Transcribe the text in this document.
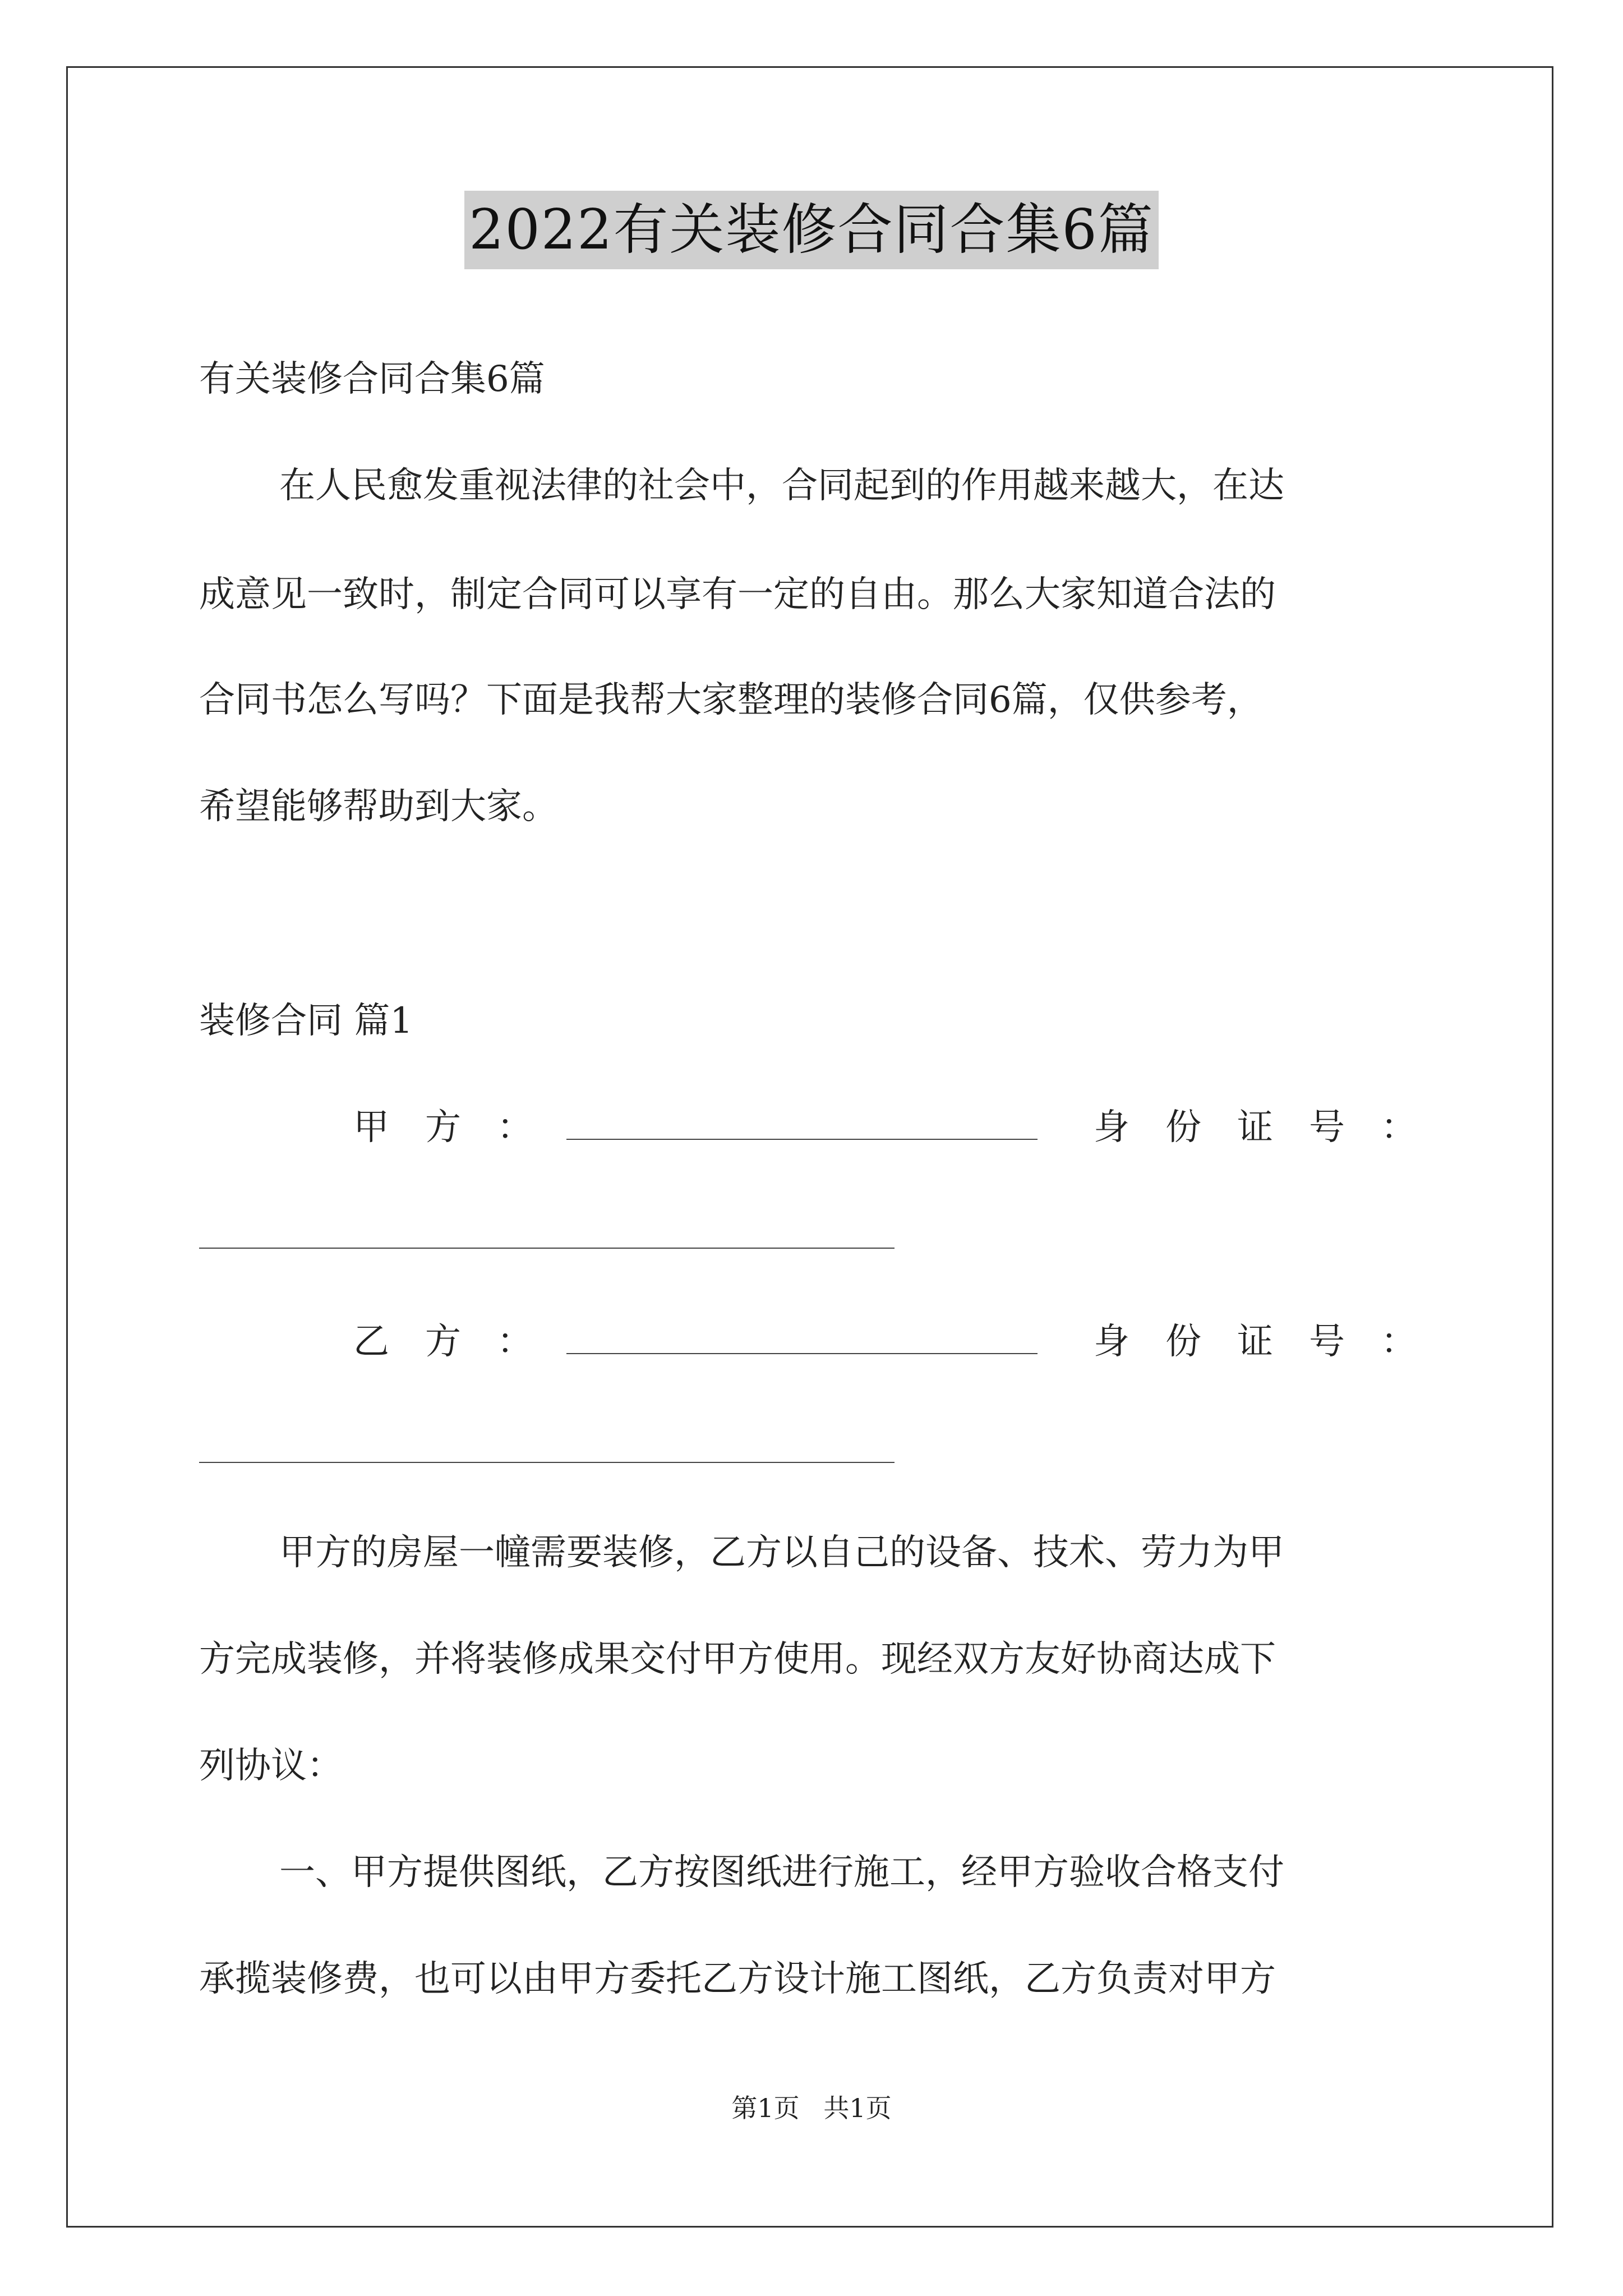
2022有关装修合同合集6篇
有关装修合同合集6篇
在人民愈发重视法律的社会中，合同起到的作用越来越大，在达
成意见一致时，制定合同可以享有一定的自由。那么大家知道合法的
合同书怎么写吗？下面是我帮大家整理的装修合同6篇，仅供参考，
希望能够帮助到大家。
装修合同 篇1
甲方：	身份证号：
乙方：	身份证号：
甲方的房屋一幢需要装修，乙方以自己的设备、技术、劳力为甲
方完成装修，并将装修成果交付甲方使用。现经双方友好协商达成下
列协议：
一、甲方提供图纸，乙方按图纸进行施工，经甲方验收合格支付
承揽装修费，也可以由甲方委托乙方设计施工图纸，乙方负责对甲方
第1页 共1页
